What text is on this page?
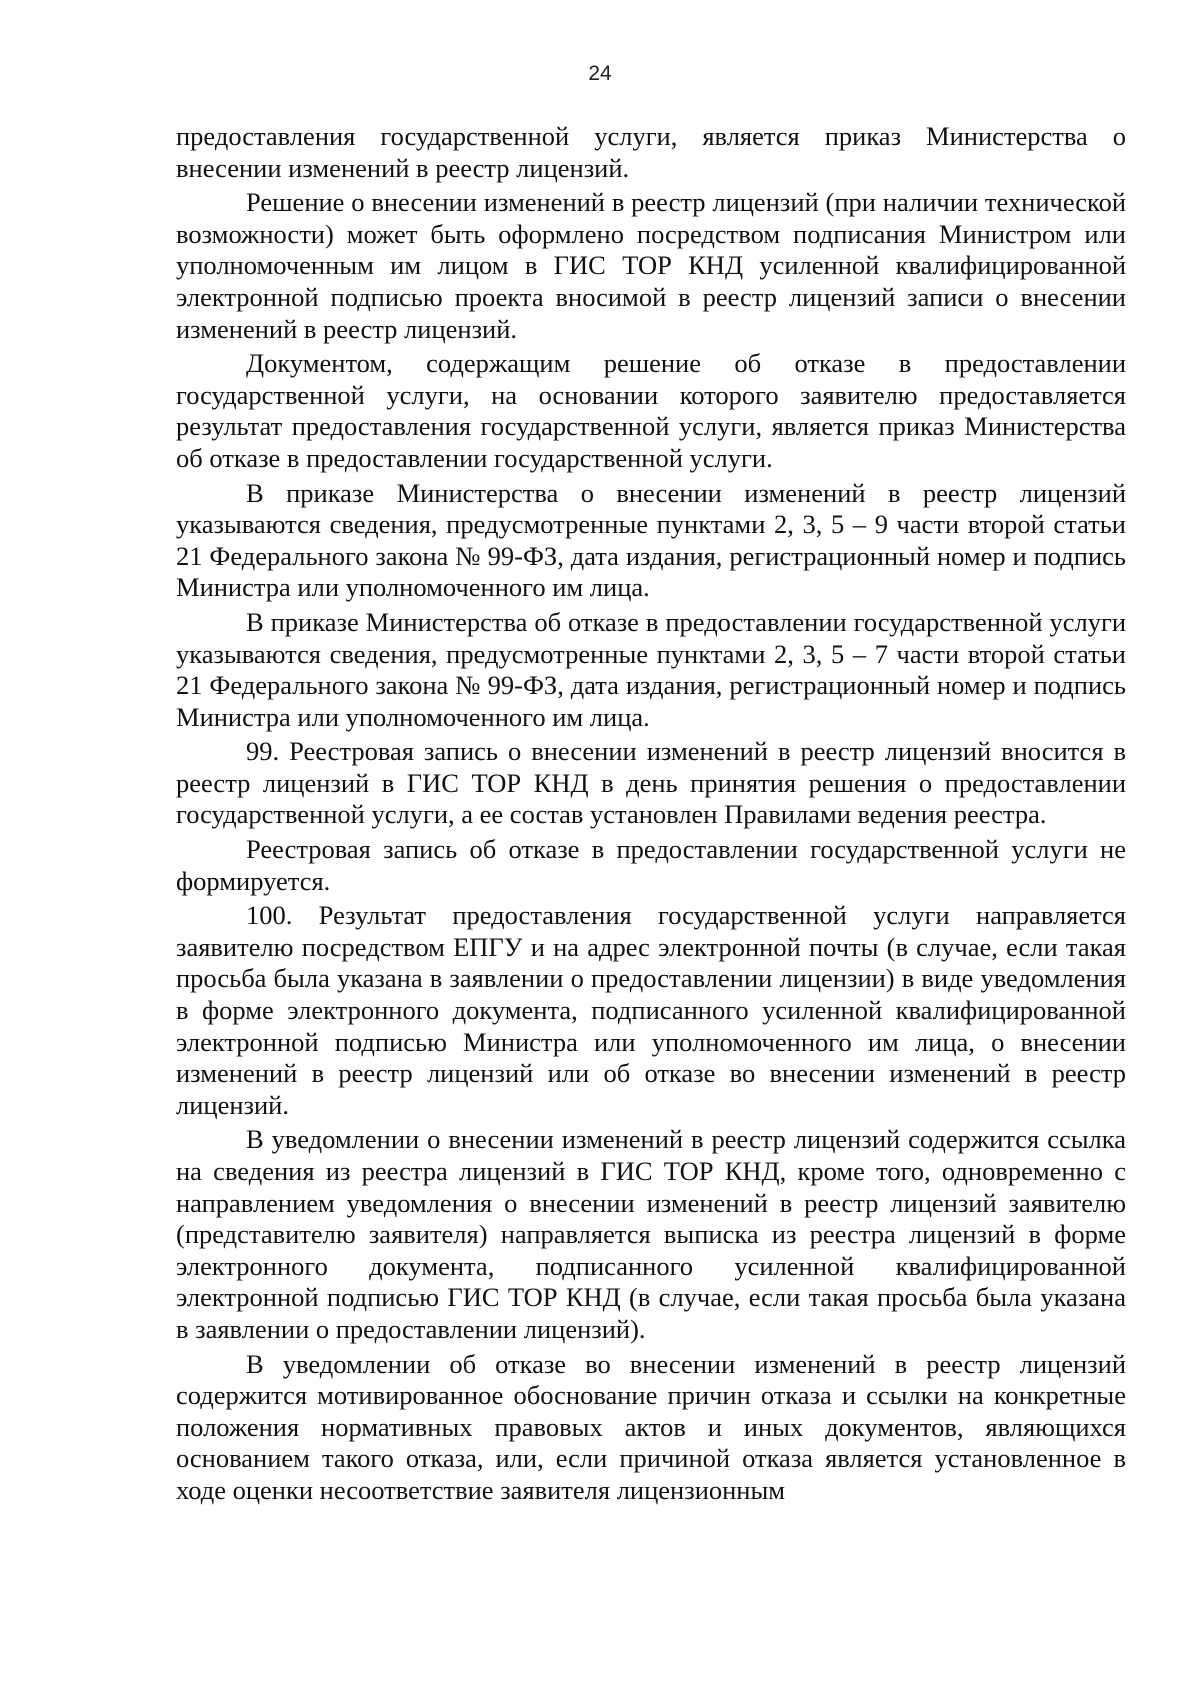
24

предоставления государственной услуги, является приказ Министерства о внесении изменений в реестр лицензий.

Решение о внесении изменений в реестр лицензий (при наличии технической возможности) может быть оформлено посредством подписания Министром или уполномоченным им лицом в ГИС ТОР КНД усиленной квалифицированной электронной подписью проекта вносимой в реестр лицензий записи о внесении изменений в реестр лицензий.

Документом, содержащим решение об отказе в предоставлении государственной услуги, на основании которого заявителю предоставляется результат предоставления государственной услуги, является приказ Министерства об отказе в предоставлении государственной услуги.

В приказе Министерства о внесении изменений в реестр лицензий указываются сведения, предусмотренные пунктами 2, 3, 5 – 9 части второй статьи 21 Федерального закона № 99-ФЗ, дата издания, регистрационный номер и подпись Министра или уполномоченного им лица.

В приказе Министерства об отказе в предоставлении государственной услуги указываются сведения, предусмотренные пунктами 2, 3, 5 – 7 части второй статьи 21 Федерального закона № 99-ФЗ, дата издания, регистрационный номер и подпись Министра или уполномоченного им лица.

99. Реестровая запись о внесении изменений в реестр лицензий вносится в реестр лицензий в ГИС ТОР КНД в день принятия решения о предоставлении государственной услуги, а ее состав установлен Правилами ведения реестра.

Реестровая запись об отказе в предоставлении государственной услуги не формируется.

100. Результат предоставления государственной услуги направляется заявителю посредством ЕПГУ и на адрес электронной почты (в случае, если такая просьба была указана в заявлении о предоставлении лицензии) в виде уведомления в форме электронного документа, подписанного усиленной квалифицированной электронной подписью Министра или уполномоченного им лица, о внесении изменений в реестр лицензий или об отказе во внесении изменений в реестр лицензий.

В уведомлении о внесении изменений в реестр лицензий содержится ссылка на сведения из реестра лицензий в ГИС ТОР КНД, кроме того, одновременно с направлением уведомления о внесении изменений в реестр лицензий заявителю (представителю заявителя) направляется выписка из реестра лицензий в форме электронного документа, подписанного усиленной квалифицированной электронной подписью ГИС ТОР КНД (в случае, если такая просьба была указана в заявлении о предоставлении лицензий).

В уведомлении об отказе во внесении изменений в реестр лицензий содержится мотивированное обоснование причин отказа и ссылки на конкретные положения нормативных правовых актов и иных документов, являющихся основанием такого отказа, или, если причиной отказа является установленное в ходе оценки несоответствие заявителя лицензионным
